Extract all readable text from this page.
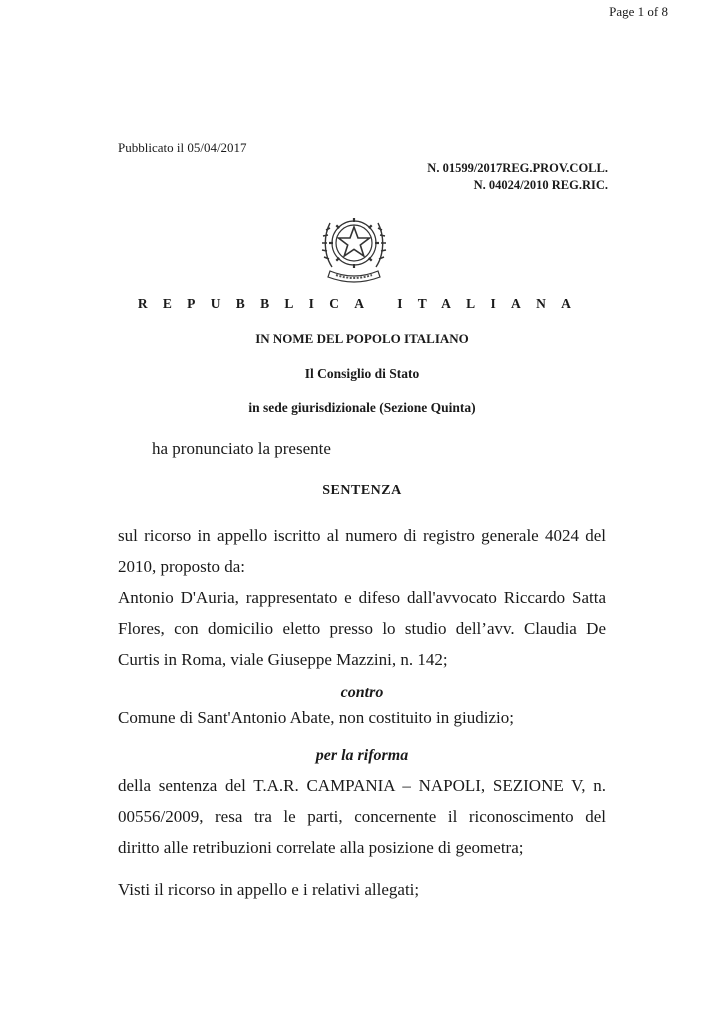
Page 1 of 8
Pubblicato il 05/04/2017
N. 01599/2017REG.PROV.COLL.
N. 04024/2010 REG.RIC.
REPUBBLICA ITALIANA
IN NOME DEL POPOLO ITALIANO
Il Consiglio di Stato
in sede giurisdizionale (Sezione Quinta)
ha pronunciato la presente
SENTENZA
sul ricorso in appello iscritto al numero di registro generale 4024 del
2010, proposto da:
Antonio D'Auria, rappresentato e difeso dall'avvocato Riccardo Satta
Flores, con domicilio eletto presso lo studio dell’avv. Claudia De
Curtis in Roma, viale Giuseppe Mazzini, n. 142;
contro
Comune di Sant'Antonio Abate, non costituito in giudizio;
per la riforma
della sentenza del T.A.R. CAMPANIA – NAPOLI, SEZIONE V, n.
00556/2009, resa tra le parti, concernente il riconoscimento del
diritto alle retribuzioni correlate alla posizione di geometra;
Visti il ricorso in appello e i relativi allegati;
